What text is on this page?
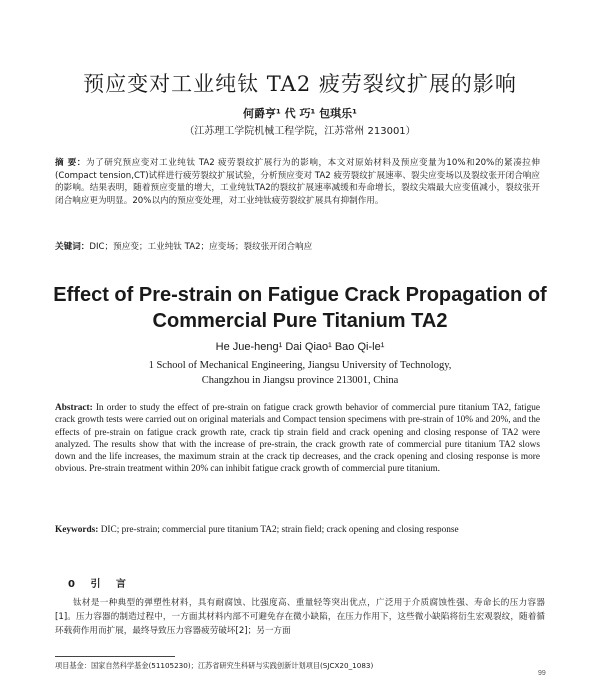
预应变对工业纯钛 TA2 疲劳裂纹扩展的影响
何爵亨¹ 代 巧¹ 包琪乐¹
（江苏理工学院机械工程学院，江苏常州 213001）
摘 要：为了研究预应变对工业纯钛 TA2 疲劳裂纹扩展行为的影响，本文对原始材料及预应变量为10%和20%的紧凑拉伸(Compact tension,CT)试样进行疲劳裂纹扩展试验，分析预应变对 TA2 疲劳裂纹扩展速率、裂尖应变场以及裂纹张开闭合响应的影响。结果表明，随着预应变量的增大，工业纯钛TA2的裂纹扩展速率减缓和寿命增长，裂纹尖端最大应变值减小，裂纹张开闭合响应更为明显。20%以内的预应变处理，对工业纯钛疲劳裂纹扩展具有抑制作用。
关键词：DIC；预应变；工业纯钛 TA2；应变场；裂纹张开闭合响应
Effect of Pre-strain on Fatigue Crack Propagation of Commercial Pure Titanium TA2
He Jue-heng¹ Dai Qiao¹ Bao Qi-le¹
1 School of Mechanical Engineering, Jiangsu University of Technology,
Changzhou in Jiangsu province 213001, China
Abstract: In order to study the effect of pre-strain on fatigue crack growth behavior of commercial pure titanium TA2, fatigue crack growth tests were carried out on original materials and Compact tension specimens with pre-strain of 10% and 20%, and the effects of pre-strain on fatigue crack growth rate, crack tip strain field and crack opening and closing response of TA2 were analyzed. The results show that with the increase of pre-strain, the crack growth rate of commercial pure titanium TA2 slows down and the life increases, the maximum strain at the crack tip decreases, and the crack opening and closing response is more obvious. Pre-strain treatment within 20% can inhibit fatigue crack growth of commercial pure titanium.
Keywords: DIC; pre-strain; commercial pure titanium TA2; strain field; crack opening and closing response
0 引 言
钛材是一种典型的弹塑性材料，具有耐腐蚀、比强度高、重量轻等突出优点，广泛用于介质腐蚀性强、寿命长的压力容器[1]。压力容器的制造过程中，一方面其材料内部不可避免存在微小缺陷，在压力作用下，这些微小缺陷将衍生宏观裂纹，随着循环载荷作用而扩展，最终导致压力容器疲劳破坏[2]；另一方面
项目基金：国家自然科学基金(51105230)；江苏省研究生科研与实践创新计划项目(SJCX20_1083)
99
